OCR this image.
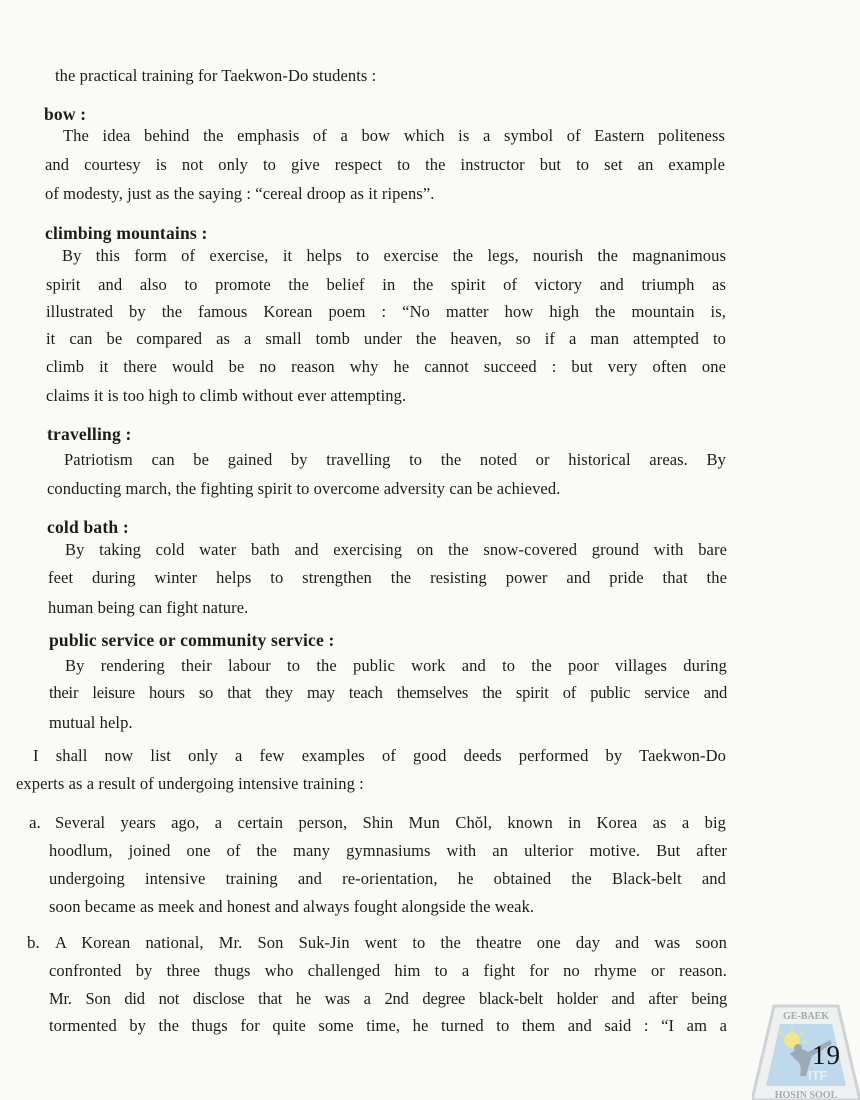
the practical training for Taekwon-Do students :
bow :
The idea behind the emphasis of a bow which is a symbol of Eastern politeness
and courtesy is not only to give respect to the instructor but to set an example
of modesty, just as the saying : “cereal droop as it ripens”.
climbing mountains :
By this form of exercise, it helps to exercise the legs, nourish the magnanimous
spirit and also to promote the belief in the spirit of victory and triumph as
illustrated by the famous Korean poem : “No matter how high the mountain is,
it can be compared as a small tomb under the heaven, so if a man attempted to
climb it there would be no reason why he cannot succeed : but very often one
claims it is too high to climb without ever attempting.
travelling :
Patriotism can be gained by travelling to the noted or historical areas. By
conducting march, the fighting spirit to overcome adversity can be achieved.
cold bath :
By taking cold water bath and exercising on the snow-covered ground with bare
feet during winter helps to strengthen the resisting power and pride that the
human being can fight nature.
public service or community service :
By rendering their labour to the public work and to the poor villages during
their leisure hours so that they may teach themselves the spirit of public service and
mutual help.
I shall now list only a few examples of good deeds performed by Taekwon-Do
experts as a result of undergoing intensive training :
a. Several years ago, a certain person, Shin Mun Chŏl, known in Korea as a big
hoodlum, joined one of the many gymnasiums with an ulterior motive. But after
undergoing intensive training and re-orientation, he obtained the Black-belt and
soon became as meek and honest and always fought alongside the weak.
b. A Korean national, Mr. Son Suk-Jin went to the theatre one day and was soon
confronted by three thugs who challenged him to a fight for no rhyme or reason.
Mr. Son did not disclose that he was a 2nd degree black-belt holder and after being
tormented by the thugs for quite some time, he turned to them and said : “I am a
ITF
GE-BAEK
HOSIN SOOL
19
